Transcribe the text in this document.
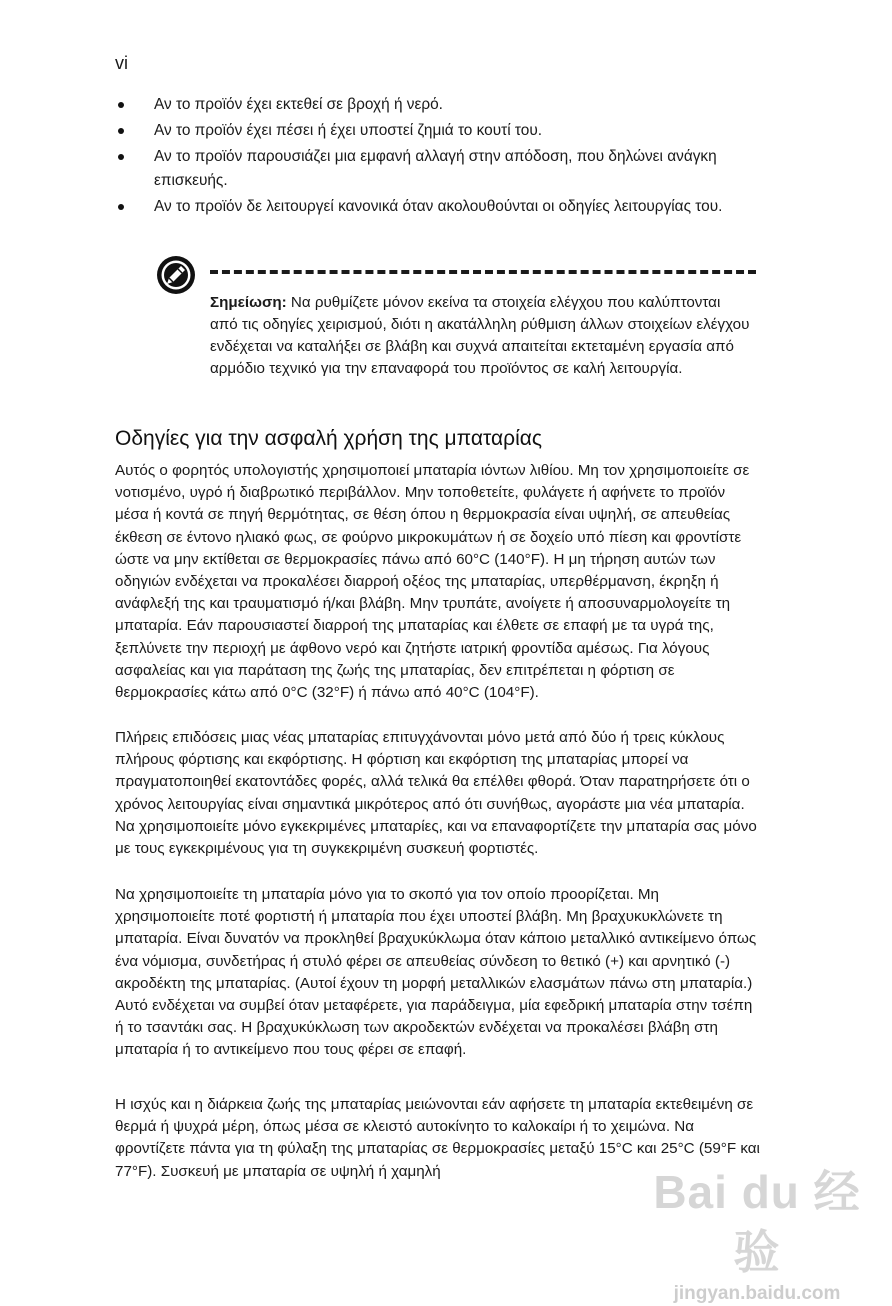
vi
Αν το προϊόν έχει εκτεθεί σε βροχή ή νερό.
Αν το προϊόν έχει πέσει ή έχει υποστεί ζημιά το κουτί του.
Αν το προϊόν παρουσιάζει μια εμφανή αλλαγή στην απόδοση, που δηλώνει ανάγκη επισκευής.
Αν το προϊόν δε λειτουργεί κανονικά όταν ακολουθούνται οι οδηγίες λειτουργίας του.

Σημείωση: Να ρυθμίζετε μόνον εκείνα τα στοιχεία ελέγχου που καλύπτονται από τις οδηγίες χειρισμού, διότι η ακατάλληλη ρύθμιση άλλων στοιχείων ελέγχου ενδέχεται να καταλήξει σε βλάβη και συχνά απαιτείται εκτεταμένη εργασία από αρμόδιο τεχνικό για την επαναφορά του προϊόντος σε καλή λειτουργία.

Οδηγίες για την ασφαλή χρήση της μπαταρίας

Αυτός ο φορητός υπολογιστής χρησιμοποιεί μπαταρία ιόντων λιθίου. Μη τον χρησιμοποιείτε σε νοτισμένο, υγρό ή διαβρωτικό περιβάλλον. Μην τοποθετείτε, φυλάγετε ή αφήνετε το προϊόν μέσα ή κοντά σε πηγή θερμότητας, σε θέση όπου η θερμοκρασία είναι υψηλή, σε απευθείας έκθεση σε έντονο ηλιακό φως, σε φούρνο μικροκυμάτων ή σε δοχείο υπό πίεση και φροντίστε ώστε να μην εκτίθεται σε θερμοκρασίες πάνω από 60°C (140°F). Η μη τήρηση αυτών των οδηγιών ενδέχεται να προκαλέσει διαρροή οξέος της μπαταρίας, υπερθέρμανση, έκρηξη ή ανάφλεξή της και τραυματισμό ή/και βλάβη. Μην τρυπάτε, ανοίγετε ή αποσυναρμολογείτε τη μπαταρία. Εάν παρουσιαστεί διαρροή της μπαταρίας και έλθετε σε επαφή με τα υγρά της, ξεπλύνετε την περιοχή με άφθονο νερό και ζητήστε ιατρική φροντίδα αμέσως. Για λόγους ασφαλείας και για παράταση της ζωής της μπαταρίας, δεν επιτρέπεται η φόρτιση σε θερμοκρασίες κάτω από 0°C (32°F) ή πάνω από 40°C (104°F).

Πλήρεις επιδόσεις μιας νέας μπαταρίας επιτυγχάνονται μόνο μετά από δύο ή τρεις κύκλους πλήρους φόρτισης και εκφόρτισης. Η φόρτιση και εκφόρτιση της μπαταρίας μπορεί να πραγματοποιηθεί εκατοντάδες φορές, αλλά τελικά θα επέλθει φθορά. Όταν παρατηρήσετε ότι ο χρόνος λειτουργίας είναι σημαντικά μικρότερος από ότι συνήθως, αγοράστε μια νέα μπαταρία. Να χρησιμοποιείτε μόνο εγκεκριμένες μπαταρίες, και να επαναφορτίζετε την μπαταρία σας μόνο με τους εγκεκριμένους για τη συγκεκριμένη συσκευή φορτιστές.

Να χρησιμοποιείτε τη μπαταρία μόνο για το σκοπό για τον οποίο προορίζεται. Μη χρησιμοποιείτε ποτέ φορτιστή ή μπαταρία που έχει υποστεί βλάβη. Μη βραχυκυκλώνετε τη μπαταρία. Είναι δυνατόν να προκληθεί βραχυκύκλωμα όταν κάποιο μεταλλικό αντικείμενο όπως ένα νόμισμα, συνδετήρας ή στυλό φέρει σε απευθείας σύνδεση το θετικό (+) και αρνητικό (-) ακροδέκτη της μπαταρίας. (Αυτοί έχουν τη μορφή μεταλλικών ελασμάτων πάνω στη μπαταρία.) Αυτό ενδέχεται να συμβεί όταν μεταφέρετε, για παράδειγμα, μία εφεδρική μπαταρία στην τσέπη ή το τσαντάκι σας. Η βραχυκύκλωση των ακροδεκτών ενδέχεται να προκαλέσει βλάβη στη μπαταρία ή το αντικείμενο που τους φέρει σε επαφή.

Η ισχύς και η διάρκεια ζωής της μπαταρίας μειώνονται εάν αφήσετε τη μπαταρία εκτεθειμένη σε θερμά ή ψυχρά μέρη, όπως μέσα σε κλειστό αυτοκίνητο το καλοκαίρι ή το χειμώνα. Να φροντίζετε πάντα για τη φύλαξη της μπαταρίας σε θερμοκρασίες μεταξύ 15°C και 25°C (59°F και 77°F). Συσκευή με μπαταρία σε υψηλή ή χαμηλή	Bai du 经验
jingyan.baidu.com
